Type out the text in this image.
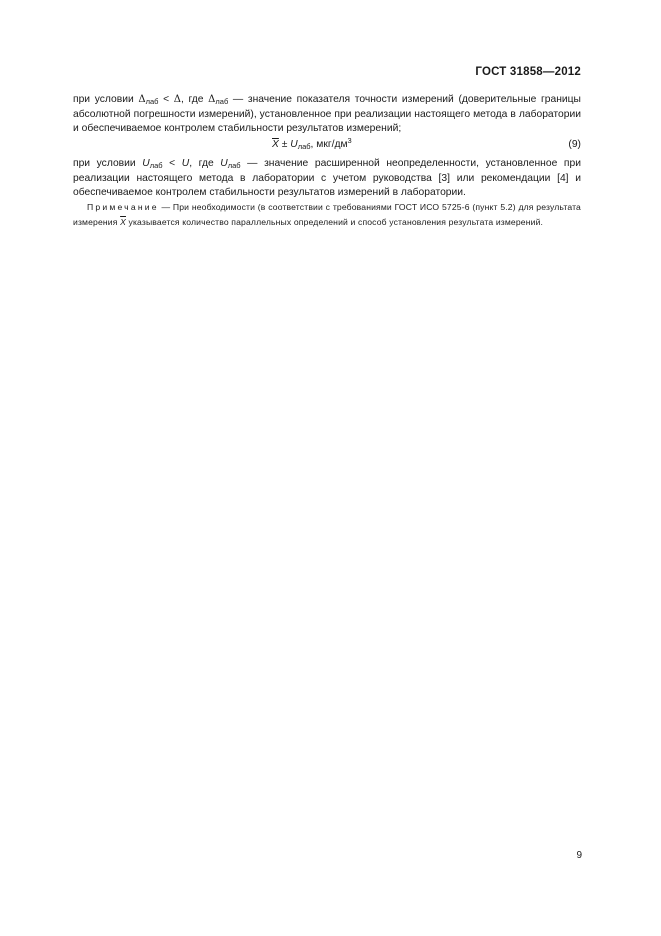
ГОСТ 31858—2012
при условии $\Delta_{лаб} < \Delta$, где $\Delta_{лаб}$ — значение показателя точности измерений (доверительные границы абсолютной погрешности измерений), установленное при реализации настоящего метода в лаборатории и обеспечиваемое контролем стабильности результатов измерений;
$\overline{X} \pm U_{лаб}$, мкг/$дм^3$	(9)
при условии $U_{лаб} < U$, где $U_{лаб}$ — значение расширенной неопределенности, установленное при реализации настоящего метода в лаборатории с учетом руководства [3] или рекомендации [4] и обеспечиваемое контролем стабильности результатов измерений в лаборатории.
Примечание — При необходимости (в соответствии с требованиями ГОСТ ИСО 5725-6 (пункт 5.2) для результата измерения $\overline{X}$ указывается количество параллельных определений и способ установления результата измерений.
9
